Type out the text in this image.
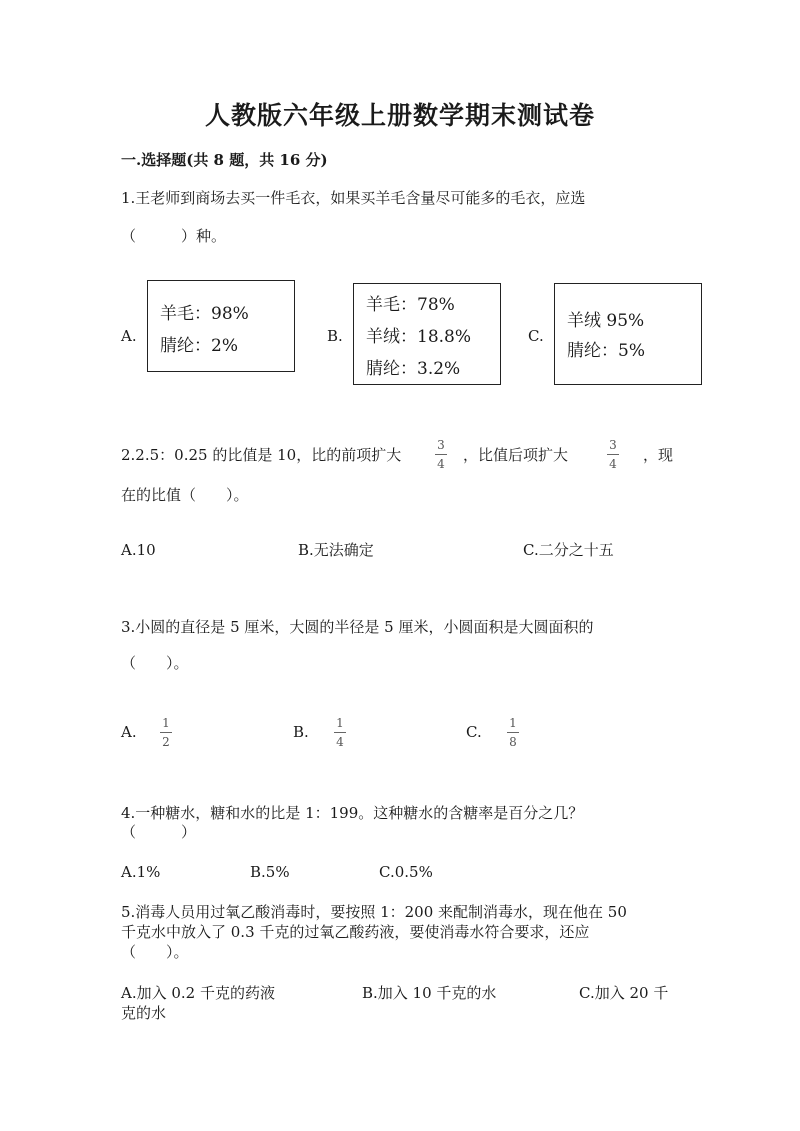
人教版六年级上册数学期末测试卷
一.选择题(共 8 题，共 16 分)
1.王老师到商场去买一件毛衣，如果买羊毛含量尽可能多的毛衣，应选
（　　　）种。
A.
羊毛：98%
腈纶：2%	B.
羊毛：78%
羊绒：18.8%
腈纶：3.2%
C.
羊绒 95%
腈纶：5%
2.2.5：0.25 的比值是 10，比的前项扩大
3
4 ，比值后项扩大
3
4 ，现
在的比值（　　）。
A.10	B.无法确定	C.二分之十五
3.小圆的直径是 5 厘米，大圆的半径是 5 厘米，小圆面积是大圆面积的
（　　）。
A.	1
2
B.	1
4
C.	1
8
4.一种糖水，糖和水的比是 1：199。这种糖水的含糖率是百分之几？
（　　　）
A.1%	B.5%	C.0.5%
5.消毒人员用过氧乙酸消毒时，要按照 1：200 来配制消毒水，现在他在 50
千克水中放入了 0.3 千克的过氧乙酸药液，要使消毒水符合要求，还应
（　　）。
A.加入 0.2 千克的药液	B.加入 10 千克的水	C.加入 20 千
克的水
